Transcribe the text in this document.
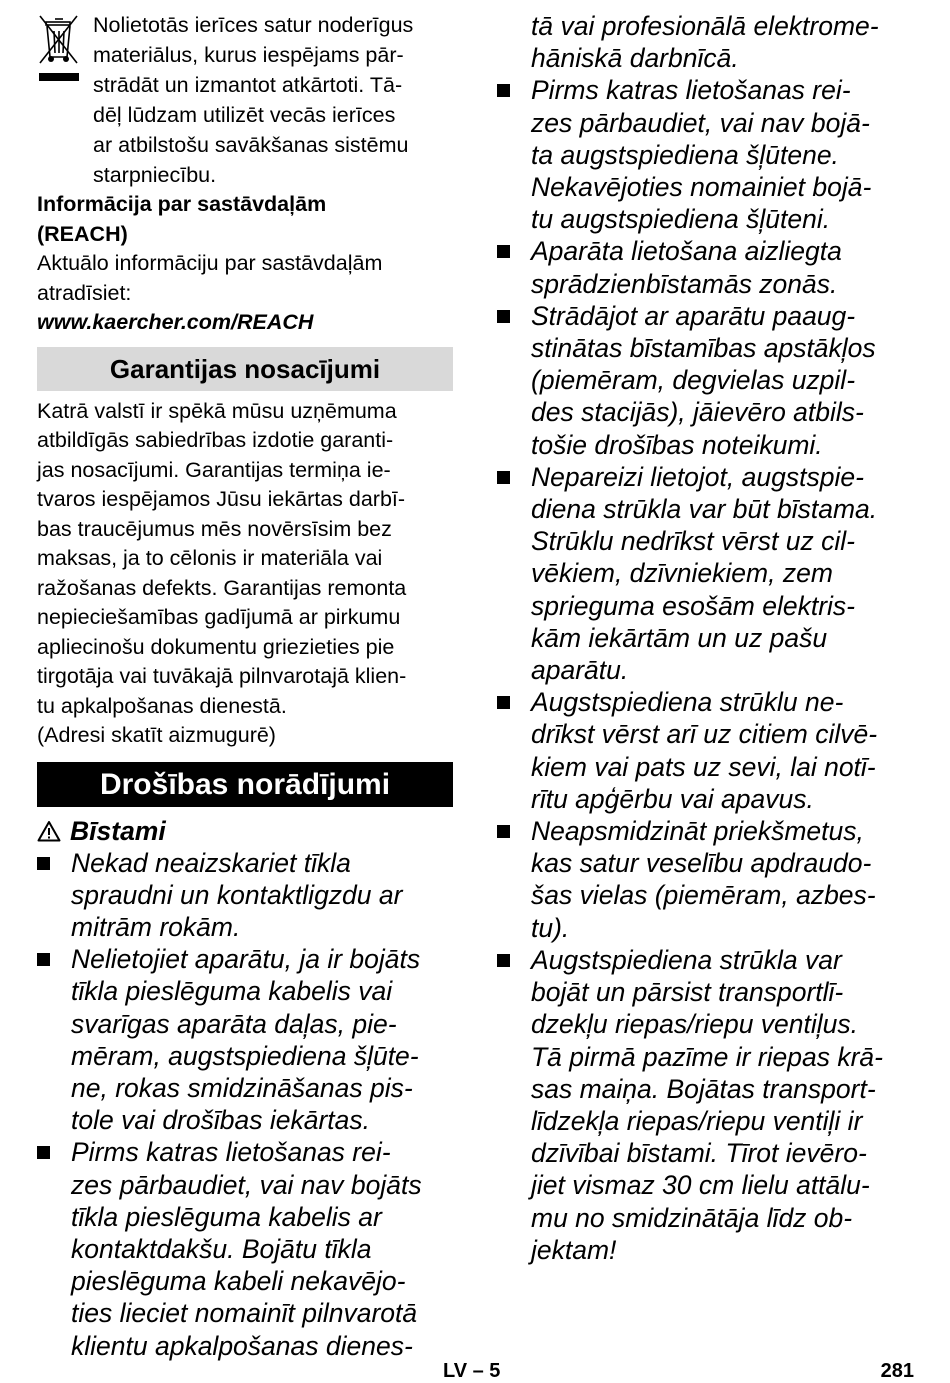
Nolietotās ierīces satur noderīgus
materiālus, kurus iespējams pār-
strādāt un izmantot atkārtoti. Tā-
dēļ lūdzam utilizēt vecās ierīces
ar atbilstošu savākšanas sistēmu
starpniecību.
Informācija par sastāvdaļām
(REACH)
Aktuālo informāciju par sastāvdaļām
atradīsiet:
www.kaercher.com/REACH
Garantijas nosacījumi
Katrā valstī ir spēkā mūsu uzņēmuma
atbildīgās sabiedrības izdotie garanti-
jas nosacījumi. Garantijas termiņa ie-
tvaros iespējamos Jūsu iekārtas darbī-
bas traucējumus mēs novērsīsim bez
maksas, ja to cēlonis ir materiāla vai
ražošanas defekts. Garantijas remonta
nepieciešamības gadījumā ar pirkumu
apliecinošu dokumentu griezieties pie
tirgotāja vai tuvākajā pilnvarotajā klien-
tu apkalpošanas dienestā.
(Adresi skatīt aizmugurē)
Drošības norādījumi
Bīstami
Nekad neaizskariet tīkla
spraudni un kontaktligzdu ar
mitrām rokām.
Nelietojiet aparātu, ja ir bojāts
tīkla pieslēguma kabelis vai
svarīgas aparāta daļas, pie-
mēram, augstspiediena šļūte-
ne, rokas smidzināšanas pis-
tole vai drošības iekārtas.
Pirms katras lietošanas rei-
zes pārbaudiet, vai nav bojāts
tīkla pieslēguma kabelis ar
kontaktdakšu. Bojātu tīkla
pieslēguma kabeli nekavējo-
ties lieciet nomainīt pilnvarotā
klientu apkalpošanas dienes-
tā vai profesionālā elektrome-
hāniskā darbnīcā.
Pirms katras lietošanas rei-
zes pārbaudiet, vai nav bojā-
ta augstspiediena šļūtene.
Nekavējoties nomainiet bojā-
tu augstspiediena šļūteni.
Aparāta lietošana aizliegta
sprādzienbīstamās zonās.
Strādājot ar aparātu paaug-
stinātas bīstamības apstākļos
(piemēram, degvielas uzpil-
des stacijās), jāievēro atbils-
tošie drošības noteikumi.
Nepareizi lietojot, augstspie-
diena strūkla var būt bīstama.
Strūklu nedrīkst vērst uz cil-
vēkiem, dzīvniekiem, zem
sprieguma esošām elektris-
kām iekārtām un uz pašu
aparātu.
Augstspiediena strūklu ne-
drīkst vērst arī uz citiem cilvē-
kiem vai pats uz sevi, lai notī-
rītu apģērbu vai apavus.
Neapsmidzināt priekšmetus,
kas satur veselību apdraudo-
šas vielas (piemēram, azbes-
tu).
Augstspiediena strūkla var
bojāt un pārsist transportlī-
dzekļu riepas/riepu ventiļus.
Tā pirmā pazīme ir riepas krā-
sas maiņa. Bojātas transport-
līdzekļa riepas/riepu ventiļi ir
dzīvībai bīstami. Tīrot ievēro-
jiet vismaz 30 cm lielu attālu-
mu no smidzinātāja līdz ob-
jektam!
LV – 5	281
